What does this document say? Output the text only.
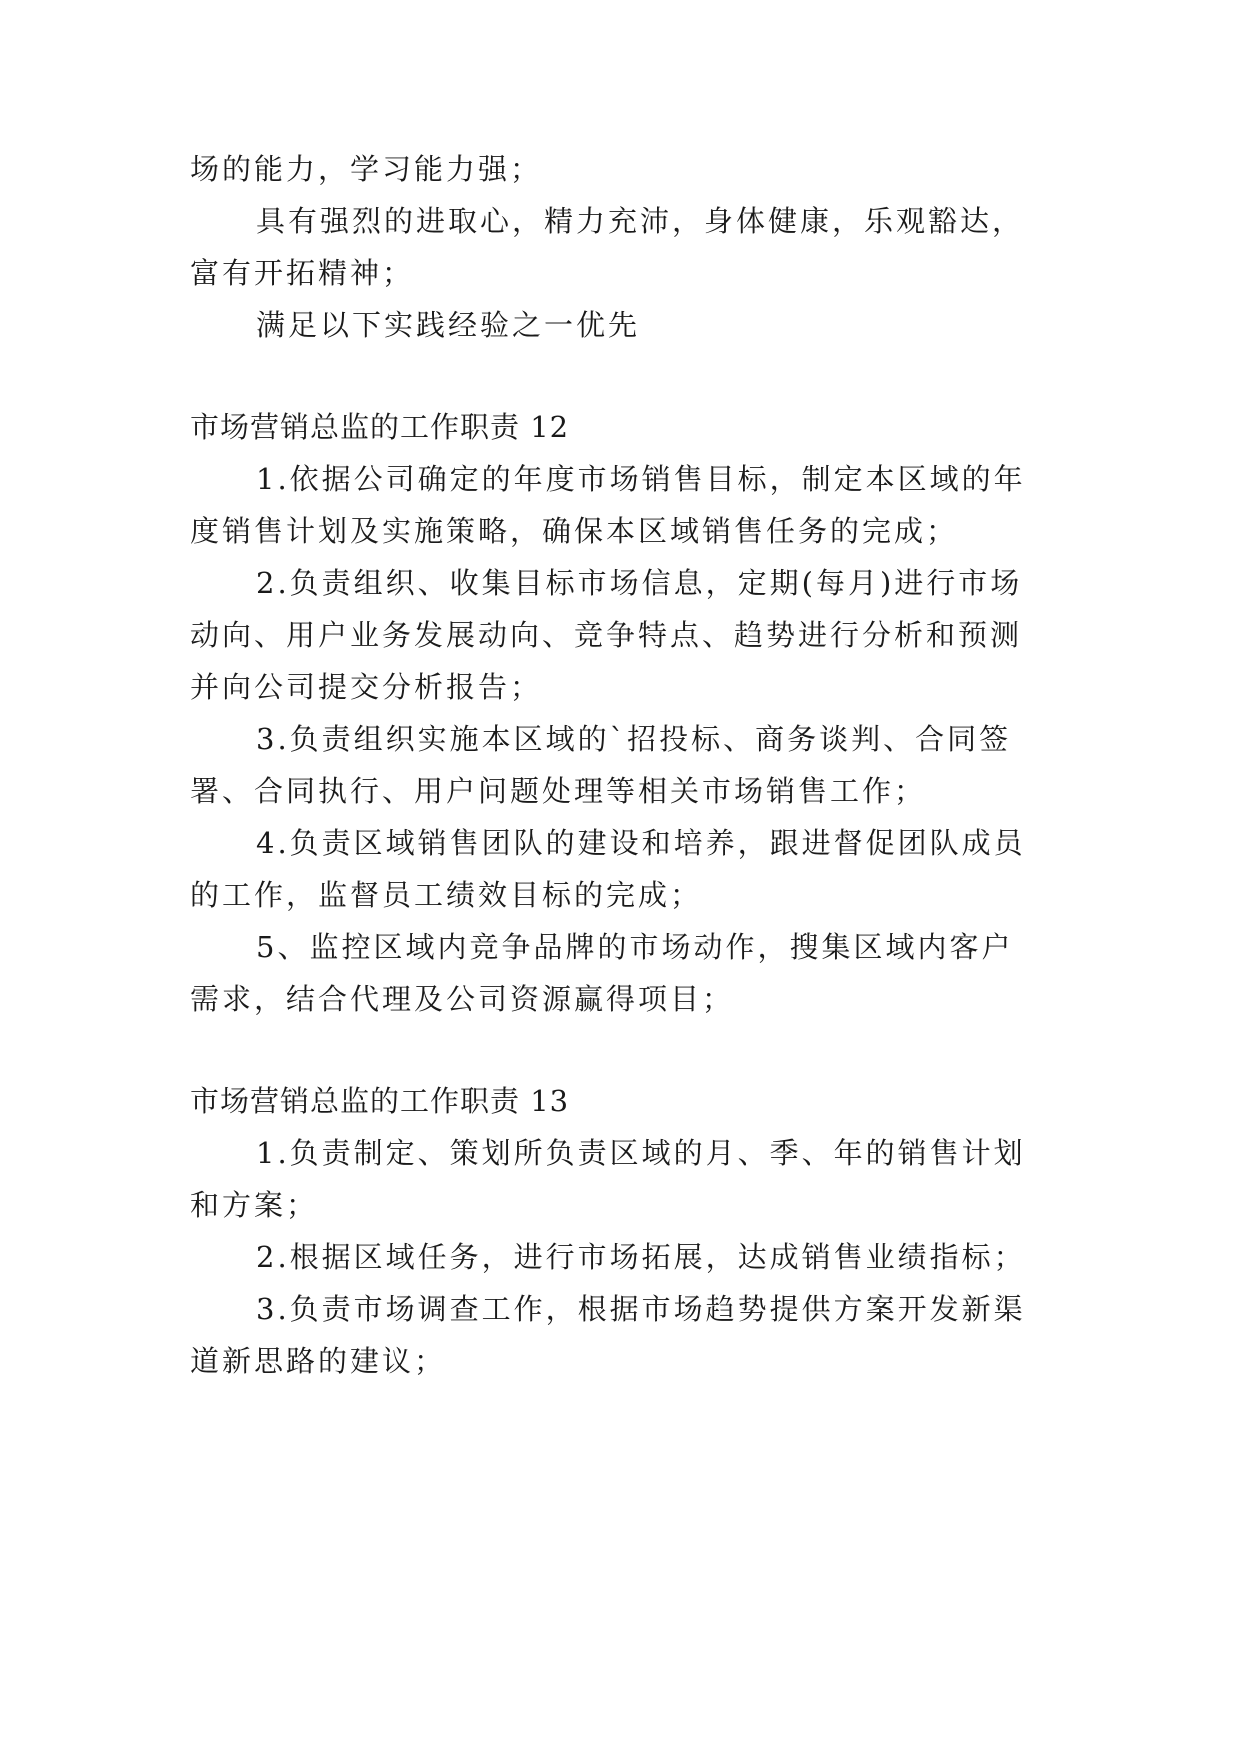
场的能力，学习能力强；

具有强烈的进取心，精力充沛，身体健康，乐观豁达，

富有开拓精神；

满足以下实践经验之一优先

市场营销总监的工作职责 12

1.依据公司确定的年度市场销售目标，制定本区域的年

度销售计划及实施策略，确保本区域销售任务的完成；

2.负责组织、收集目标市场信息，定期(每月)进行市场

动向、用户业务发展动向、竞争特点、趋势进行分析和预测

并向公司提交分析报告；

3.负责组织实施本区域的`招投标、商务谈判、合同签

署、合同执行、用户问题处理等相关市场销售工作；

4.负责区域销售团队的建设和培养，跟进督促团队成员

的工作，监督员工绩效目标的完成；

5、监控区域内竞争品牌的市场动作，搜集区域内客户

需求，结合代理及公司资源赢得项目；

市场营销总监的工作职责 13

1.负责制定、策划所负责区域的月、季、年的销售计划

和方案；

2.根据区域任务，进行市场拓展，达成销售业绩指标；

3.负责市场调查工作，根据市场趋势提供方案开发新渠

道新思路的建议；
